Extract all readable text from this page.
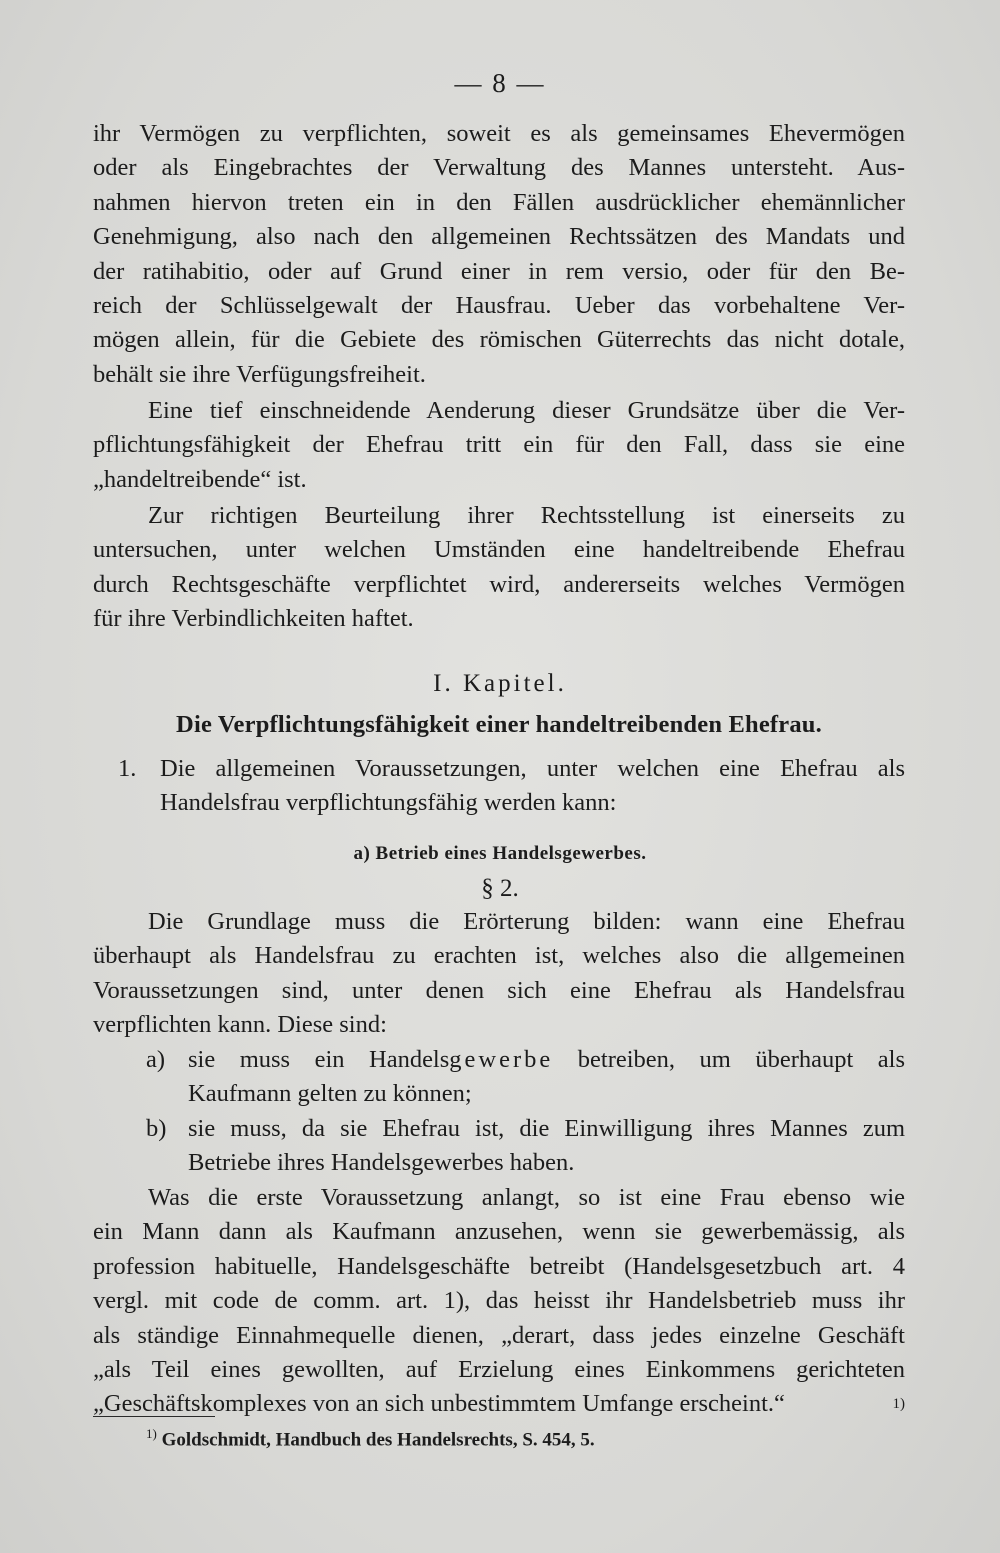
— 8 —

ihr Vermögen zu verpflichten, soweit es als gemeinsames Ehevermögen

oder als Eingebrachtes der Verwaltung des Mannes untersteht. Aus-

nahmen hiervon treten ein in den Fällen ausdrücklicher ehemännlicher

Genehmigung, also nach den allgemeinen Rechtssätzen des Mandats und

der ratihabitio, oder auf Grund einer in rem versio, oder für den Be-

reich der Schlüsselgewalt der Hausfrau. Ueber das vorbehaltene Ver-

mögen allein, für die Gebiete des römischen Güterrechts das nicht dotale,

behält sie ihre Verfügungsfreiheit.

Eine tief einschneidende Aenderung dieser Grundsätze über die Ver-

pflichtungsfähigkeit der Ehefrau tritt ein für den Fall, dass sie eine

„handeltreibende“ ist.

Zur richtigen Beurteilung ihrer Rechtsstellung ist einerseits zu

untersuchen, unter welchen Umständen eine handeltreibende Ehefrau

durch Rechtsgeschäfte verpflichtet wird, andererseits welches Vermögen

für ihre Verbindlichkeiten haftet.

I. Kapitel.
Die Verpflichtungsfähigkeit einer handeltreibenden Ehefrau.
1. Die allgemeinen Voraussetzungen, unter welchen eine Ehefrau als

Handelsfrau verpflichtungsfähig werden kann:

a) Betrieb eines Handelsgewerbes.
§ 2.

Die Grundlage muss die Erörterung bilden: wann eine Ehefrau

überhaupt als Handelsfrau zu erachten ist, welches also die allgemeinen

Voraussetzungen sind, unter denen sich eine Ehefrau als Handelsfrau

verpflichten kann. Diese sind:

a) sie muss ein Handelsgewerbe betreiben, um überhaupt als

Kaufmann gelten zu können;

b) sie muss, da sie Ehefrau ist, die Einwilligung ihres Mannes zum

Betriebe ihres Handelsgewerbes haben.

Was die erste Voraussetzung anlangt, so ist eine Frau ebenso wie

ein Mann dann als Kaufmann anzusehen, wenn sie gewerbemässig, als

profession habituelle, Handelsgeschäfte betreibt (Handelsgesetzbuch art. 4

vergl. mit code de comm. art. 1), das heisst ihr Handelsbetrieb muss ihr

als ständige Einnahmequelle dienen, „derart, dass jedes einzelne Geschäft

„als Teil eines gewollten, auf Erzielung eines Einkommens gerichteten

„Geschäftskomplexes von an sich unbestimmtem Umfange erscheint.“	1)

$^{1)}$ Goldschmidt, Handbuch des Handelsrechts, S. 454, 5.
